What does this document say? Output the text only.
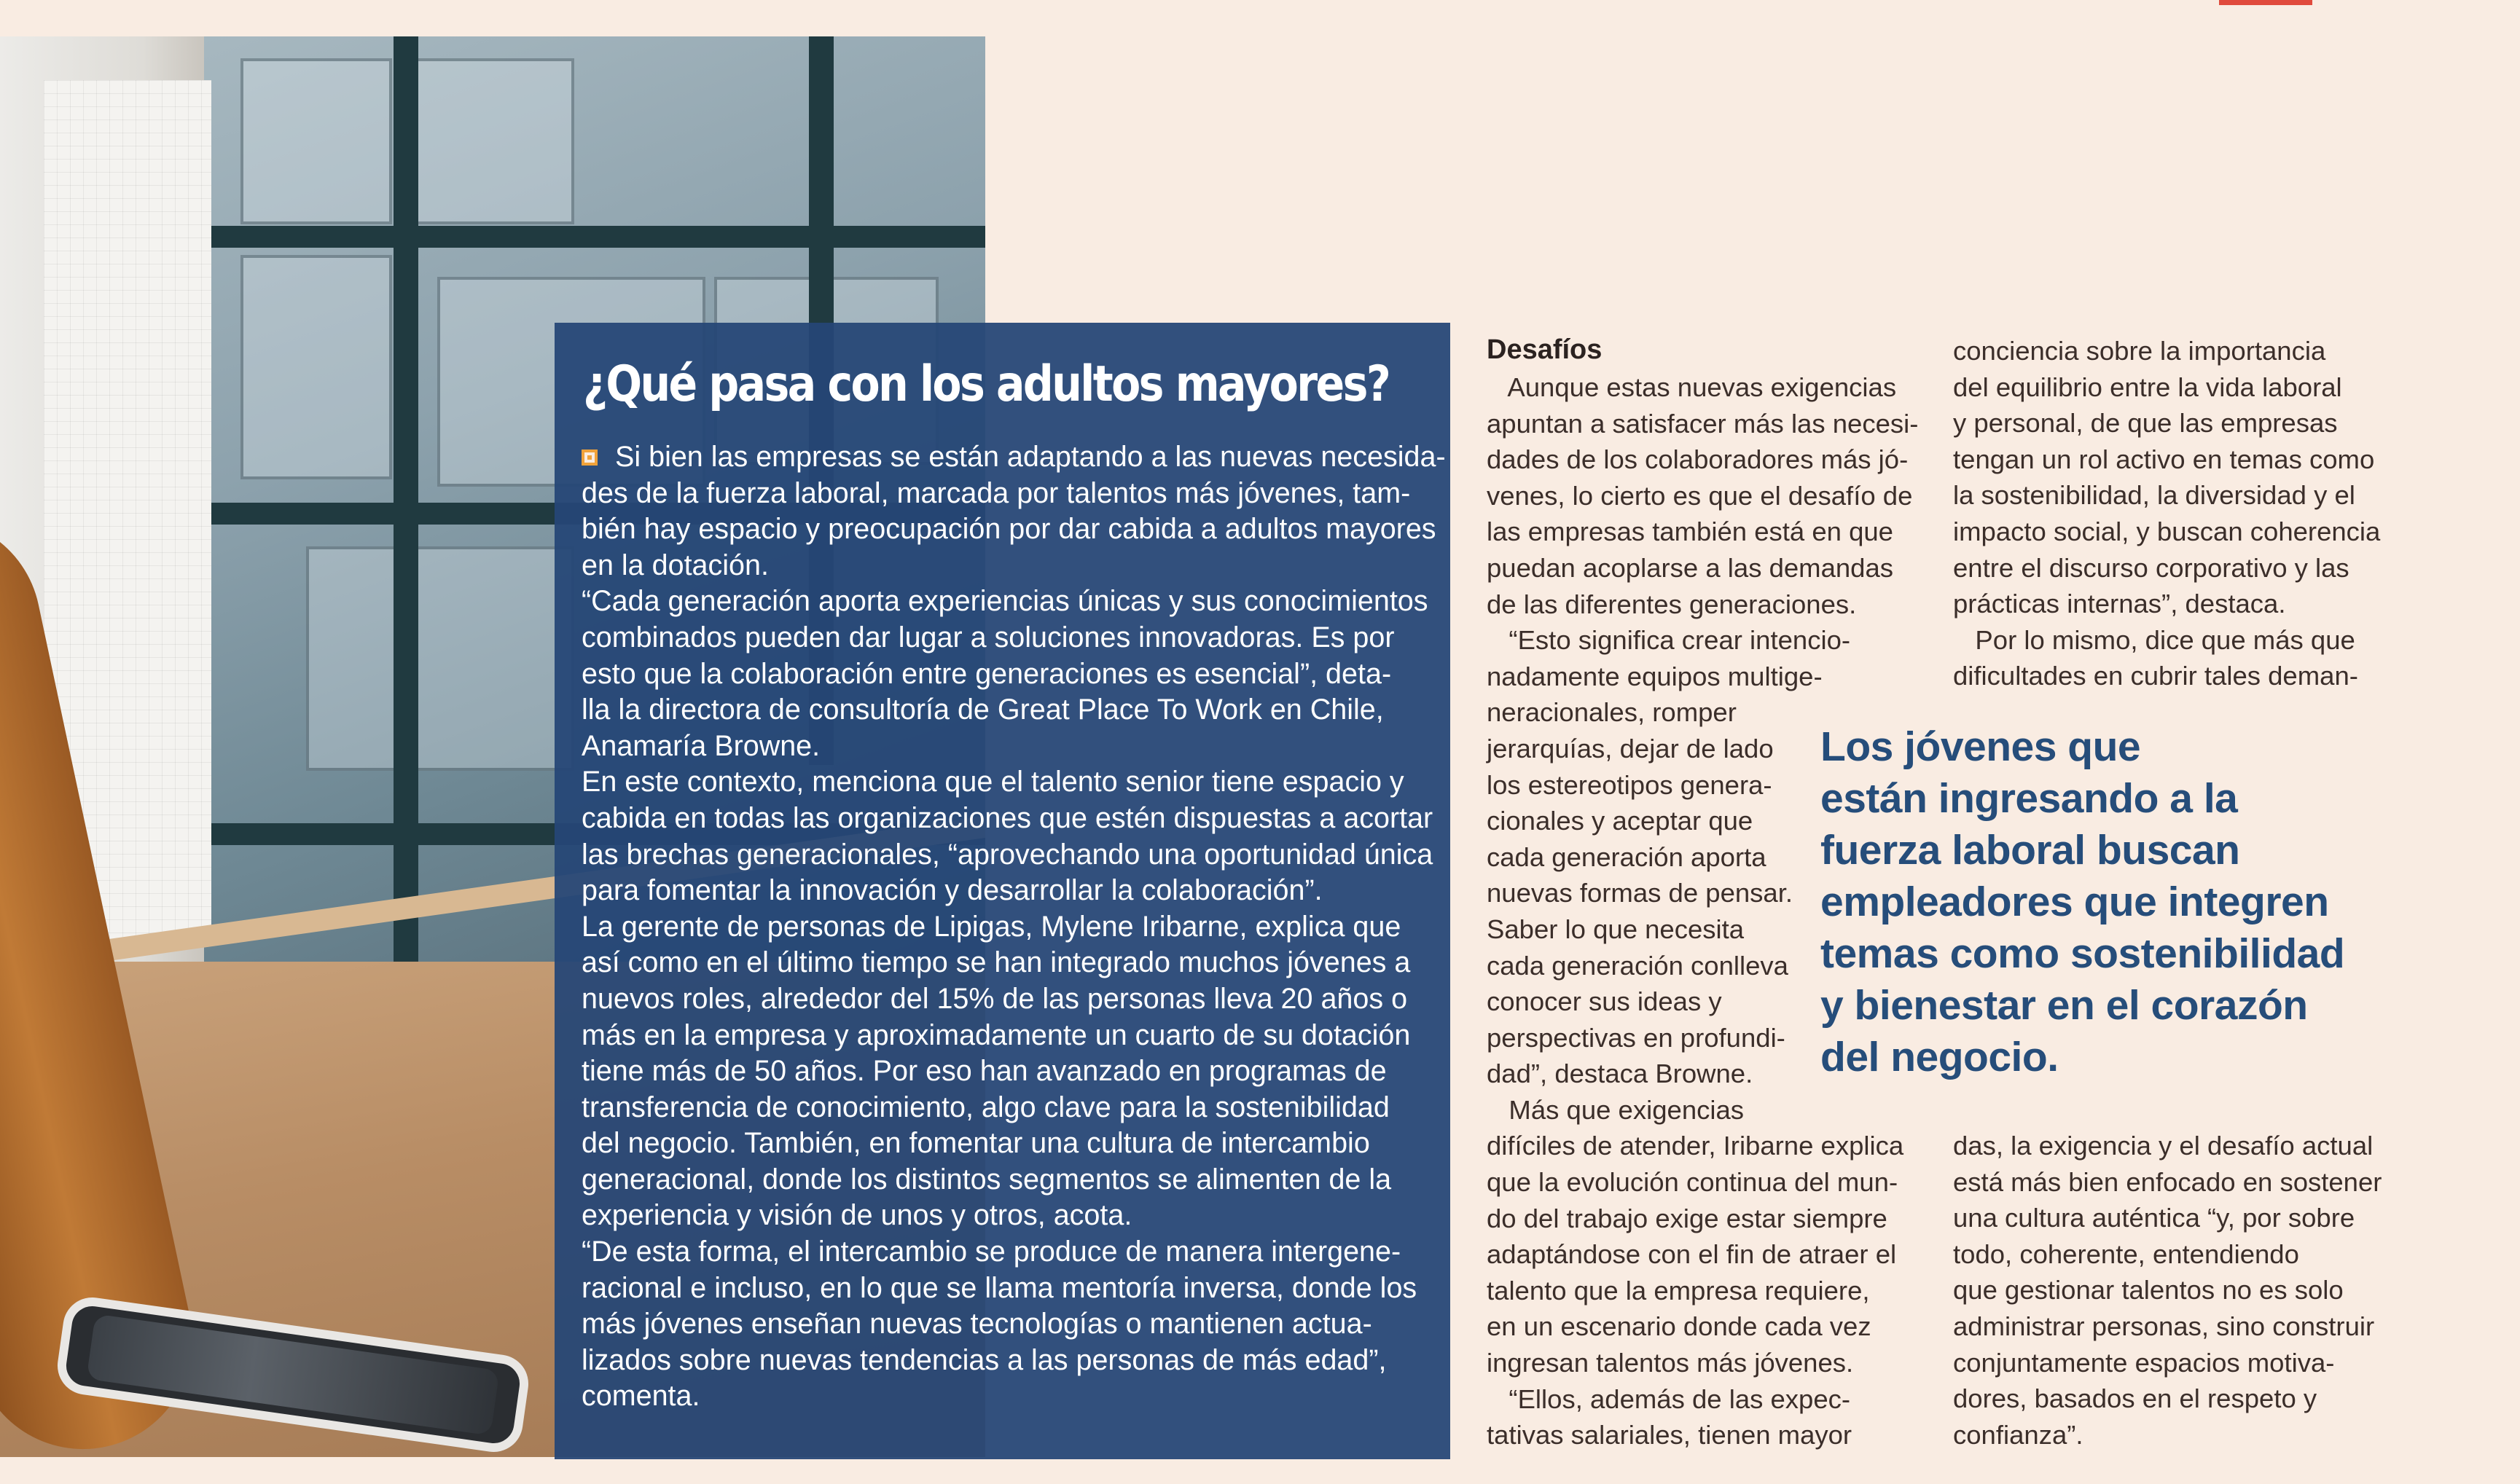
¿Qué pasa con los adultos mayores?
Si bien las empresas se están adaptando a las nuevas necesida-
des de la fuerza laboral, marcada por talentos más jóvenes, tam-
bién hay espacio y preocupación por dar cabida a adultos mayores
en la dotación.
“Cada generación aporta experiencias únicas y sus conocimientos
combinados pueden dar lugar a soluciones innovadoras. Es por
esto que la colaboración entre generaciones es esencial”, deta-
lla la directora de consultoría de Great Place To Work en Chile,
Anamaría Browne.
En este contexto, menciona que el talento senior tiene espacio y
cabida en todas las organizaciones que estén dispuestas a acortar
las brechas generacionales, “aprovechando una oportunidad única
para fomentar la innovación y desarrollar la colaboración”.
La gerente de personas de Lipigas, Mylene Iribarne, explica que
así como en el último tiempo se han integrado muchos jóvenes a
nuevos roles, alrededor del 15% de las personas lleva 20 años o
más en la empresa y aproximadamente un cuarto de su dotación
tiene más de 50 años. Por eso han avanzado en programas de
transferencia de conocimiento, algo clave para la sostenibilidad
del negocio. También, en fomentar una cultura de intercambio
generacional, donde los distintos segmentos se alimenten de la
experiencia y visión de unos y otros, acota.
“De esta forma, el intercambio se produce de manera intergene-
racional e incluso, en lo que se llama mentoría inversa, donde los
más jóvenes enseñan nuevas tecnologías o mantienen actua-
lizados sobre nuevas tendencias a las personas de más edad”,
comenta.
Desafíos
Aunque estas nuevas exigencias
apuntan a satisfacer más las necesi-
dades de los colaboradores más jó-
venes, lo cierto es que el desafío de
las empresas también está en que
puedan acoplarse a las demandas
de las diferentes generaciones.
“Esto significa crear intencio-
nadamente equipos multige-
neracionales, romper
jerarquías, dejar de lado
los estereotipos genera-
cionales y aceptar que
cada generación aporta
nuevas formas de pensar.
Saber lo que necesita
cada generación conlleva
conocer sus ideas y
perspectivas en profundi-
dad”, destaca Browne.
Más que exigencias
difíciles de atender, Iribarne explica
que la evolución continua del mun-
do del trabajo exige estar siempre
adaptándose con el fin de atraer el
talento que la empresa requiere,
en un escenario donde cada vez
ingresan talentos más jóvenes.
“Ellos, además de las expec-
tativas salariales, tienen mayor
conciencia sobre la importancia
del equilibrio entre la vida laboral
y personal, de que las empresas
tengan un rol activo en temas como
la sostenibilidad, la diversidad y el
impacto social, y buscan coherencia
entre el discurso corporativo y las
prácticas internas”, destaca.
Por lo mismo, dice que más que
dificultades en cubrir tales deman-
das, la exigencia y el desafío actual
está más bien enfocado en sostener
una cultura auténtica “y, por sobre
todo, coherente, entendiendo
que gestionar talentos no es solo
administrar personas, sino construir
conjuntamente espacios motiva-
dores, basados en el respeto y
confianza”.
Los jóvenes que
están ingresando a la
fuerza laboral buscan
empleadores que integren
temas como sostenibilidad
y bienestar en el corazón
del negocio.
